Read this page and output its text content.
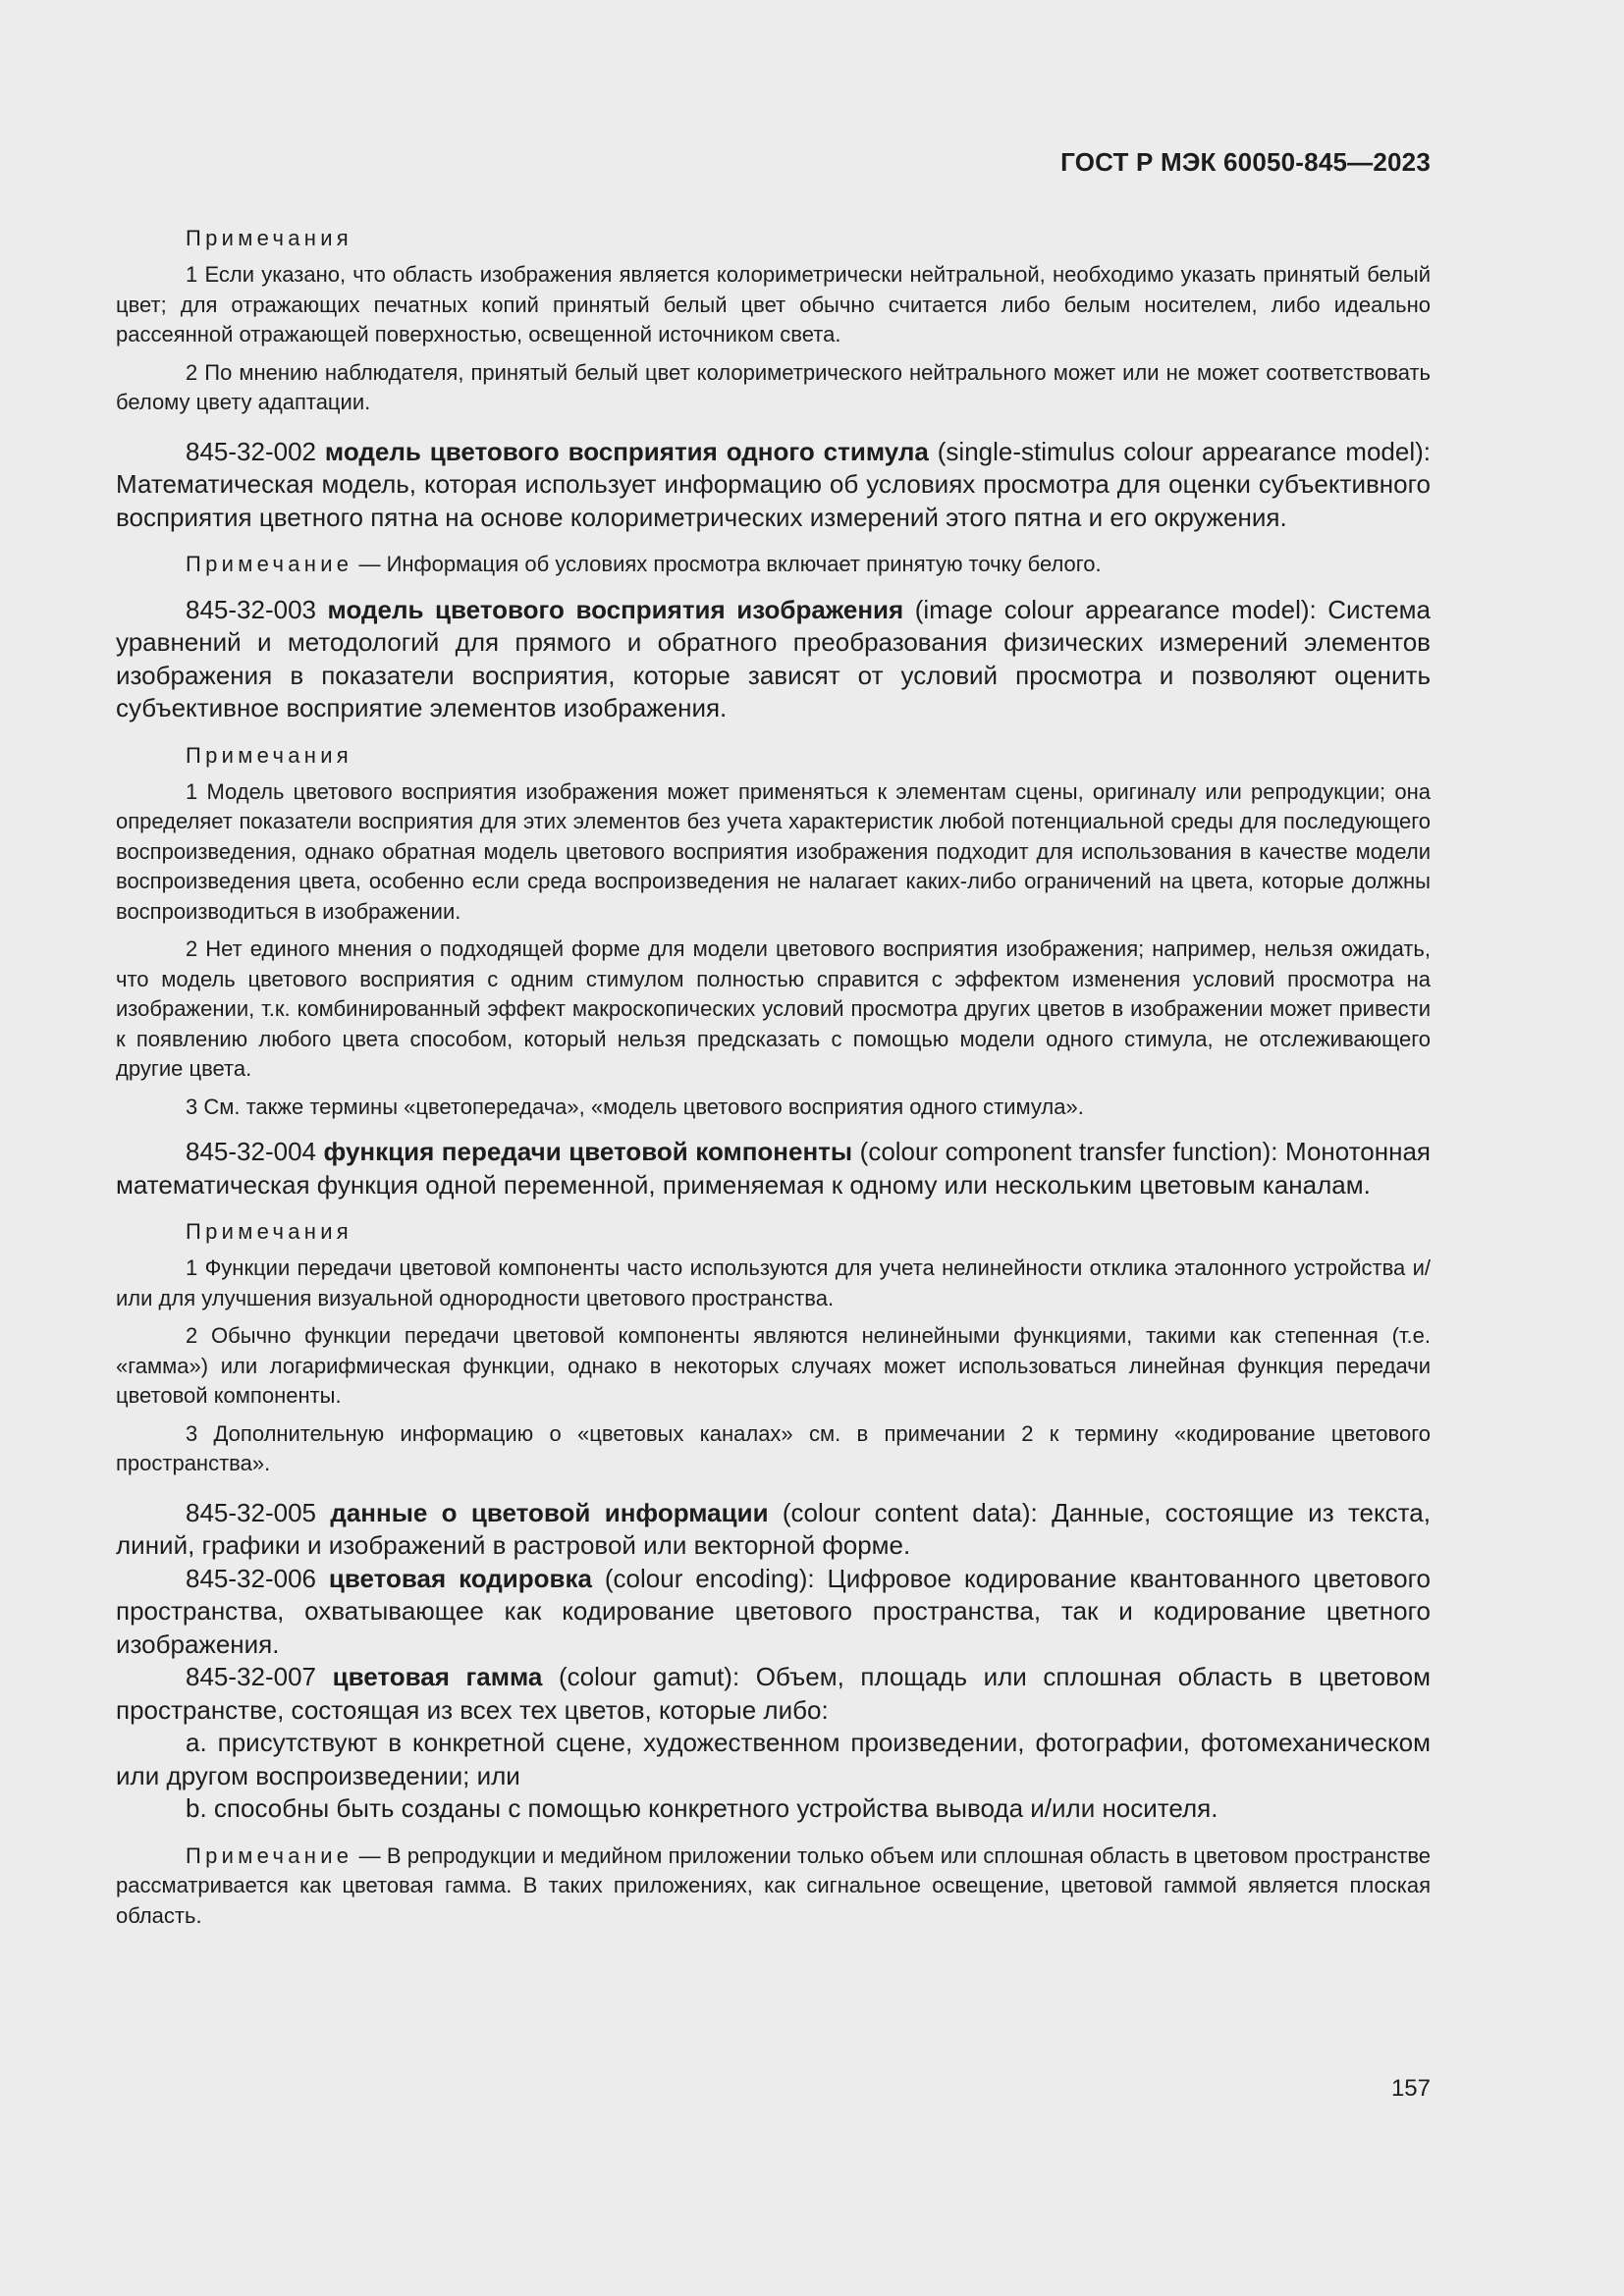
ГОСТ Р МЭК 60050-845—2023

Примечания

1 Если указано, что область изображения является колориметрически нейтральной, необходимо указать принятый белый цвет; для отражающих печатных копий принятый белый цвет обычно считается либо белым носителем, либо идеально рассеянной отражающей поверхностью, освещенной источником света.

2 По мнению наблюдателя, принятый белый цвет колориметрического нейтрального может или не может соответствовать белому цвету адаптации.

845-32-002 модель цветового восприятия одного стимула (single-stimulus colour appearance model): Математическая модель, которая использует информацию об условиях просмотра для оценки субъективного восприятия цветного пятна на основе колориметрических измерений этого пятна и его окружения.

Примечание — Информация об условиях просмотра включает принятую точку белого.

845-32-003 модель цветового восприятия изображения (image colour appearance model): Система уравнений и методологий для прямого и обратного преобразования физических измерений элементов изображения в показатели восприятия, которые зависят от условий просмотра и позволяют оценить субъективное восприятие элементов изображения.

Примечания

1 Модель цветового восприятия изображения может применяться к элементам сцены, оригиналу или репродукции; она определяет показатели восприятия для этих элементов без учета характеристик любой потенциальной среды для последующего воспроизведения, однако обратная модель цветового восприятия изображения подходит для использования в качестве модели воспроизведения цвета, особенно если среда воспроизведения не налагает каких-либо ограничений на цвета, которые должны воспроизводиться в изображении.

2 Нет единого мнения о подходящей форме для модели цветового восприятия изображения; например, нельзя ожидать, что модель цветового восприятия с одним стимулом полностью справится с эффектом изменения условий просмотра на изображении, т.к. комбинированный эффект макроскопических условий просмотра других цветов в изображении может привести к появлению любого цвета способом, который нельзя предсказать с помощью модели одного стимула, не отслеживающего другие цвета.

3 См. также термины «цветопередача», «модель цветового восприятия одного стимула».

845-32-004 функция передачи цветовой компоненты (colour component transfer function): Монотонная математическая функция одной переменной, применяемая к одному или нескольким цветовым каналам.

Примечания

1 Функции передачи цветовой компоненты часто используются для учета нелинейности отклика эталонного устройства и/или для улучшения визуальной однородности цветового пространства.

2 Обычно функции передачи цветовой компоненты являются нелинейными функциями, такими как степенная (т.е. «гамма») или логарифмическая функции, однако в некоторых случаях может использоваться линейная функция передачи цветовой компоненты.

3 Дополнительную информацию о «цветовых каналах» см. в примечании 2 к термину «кодирование цветового пространства».

845-32-005 данные о цветовой информации (colour content data): Данные, состоящие из текста, линий, графики и изображений в растровой или векторной форме.

845-32-006 цветовая кодировка (colour encoding): Цифровое кодирование квантованного цветового пространства, охватывающее как кодирование цветового пространства, так и кодирование цветного изображения.

845-32-007 цветовая гамма (colour gamut): Объем, площадь или сплошная область в цветовом пространстве, состоящая из всех тех цветов, которые либо:

a. присутствуют в конкретной сцене, художественном произведении, фотографии, фотомеханическом или другом воспроизведении; или

b. способны быть созданы с помощью конкретного устройства вывода и/или носителя.

Примечание — В репродукции и медийном приложении только объем или сплошная область в цветовом пространстве рассматривается как цветовая гамма. В таких приложениях, как сигнальное освещение, цветовой гаммой является плоская область.

157
